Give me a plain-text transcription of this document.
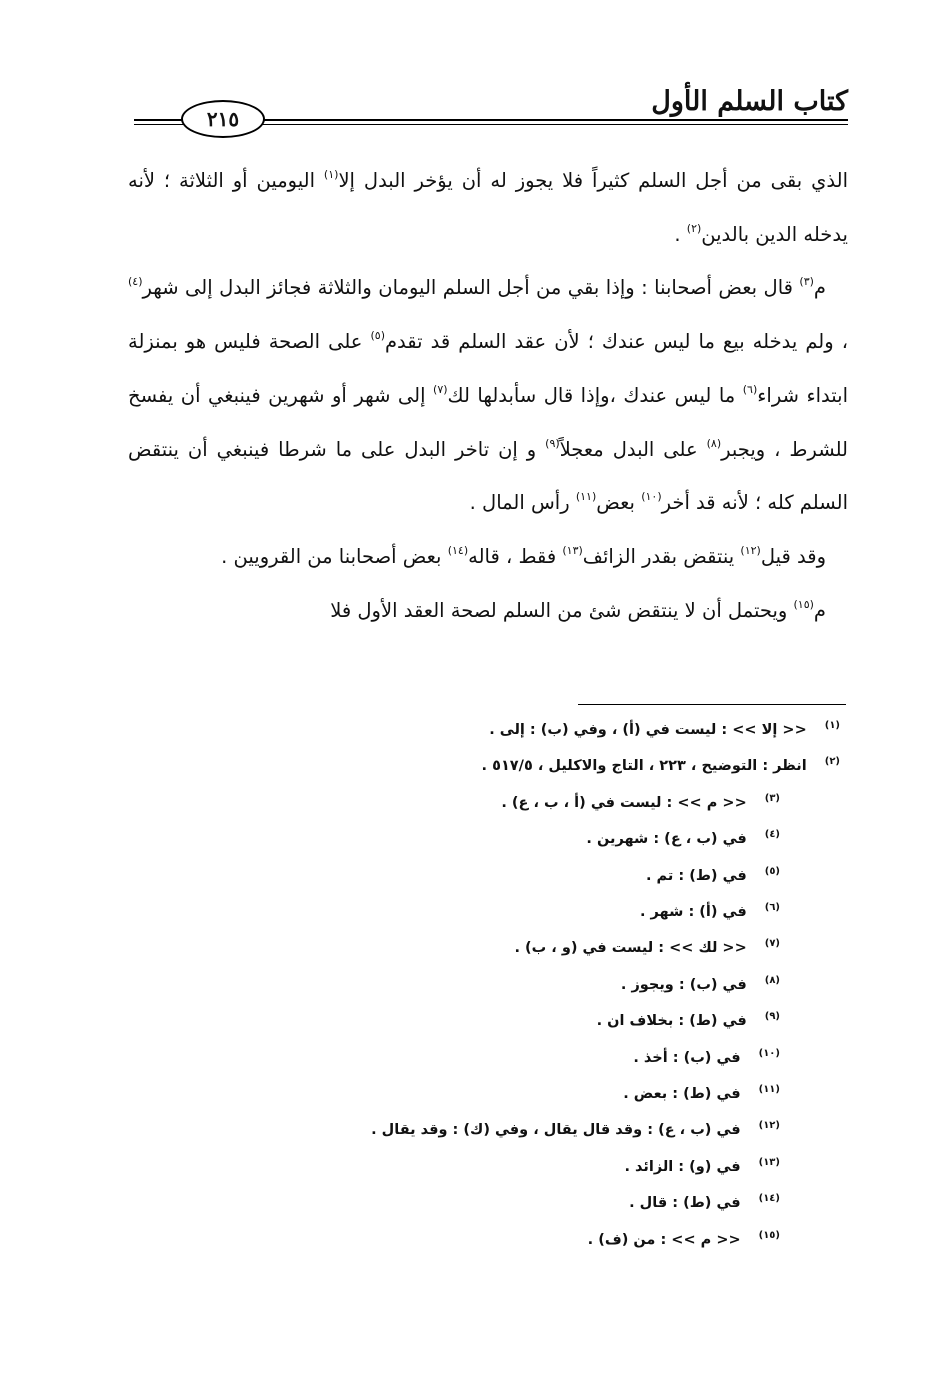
كتاب السلم الأول
٢١٥

الذي بقى من أجل السلم كثيراً فلا يجوز له أن يؤخر البدل إلا$^{(١)}$ اليومين أو الثلاثة ؛ لأنه يدخله الدين بالدين$^{(٢)}$ .

م$^{(٣)}$ قال بعض أصحابنا : وإذا بقي من أجل السلم اليومان والثلاثة فجائز البدل إلى شهر$^{(٤)}$ ، ولم يدخله بيع ما ليس عندك ؛ لأن عقد السلم قد تقدم$^{(٥)}$ على الصحة فليس هو بمنزلة ابتداء شراء$^{(٦)}$ ما ليس عندك ،وإذا قال سأبدلها لك$^{(٧)}$ إلى شهر أو شهرين فينبغي أن يفسخ للشرط ، ويجبر$^{(٨)}$ على البدل معجلاً$^{(٩)}$ و إن تاخر البدل على ما شرطا فينبغي أن ينتقض السلم كله ؛ لأنه قد أخر$^{(١٠)}$ بعض$^{(١١)}$ رأس المال .

وقد قيل$^{(١٢)}$ ينتقض بقدر الزائف$^{(١٣)}$ فقط ، قاله$^{(١٤)}$ بعض أصحابنا من القرويين .

م$^{(١٥)}$ ويحتمل أن لا ينتقض شئ من السلم لصحة العقد الأول فلا

(١)<< إلا >> : ليست في (أ) ، وفي (ب) : إلى .
(٢)انظر : التوضيح ، ٢٢٣ ، التاج والاكليل ، ٥١٧/٥ .
(٣)<< م >> : ليست في (أ ، ب ، ع) .
(٤)في (ب ، ع) : شهرين .
(٥)في (ط) : تم .
(٦)في (أ) : شهر .
(٧)<< لك >> : ليست في (و ، ب) .
(٨)في (ب) : ويجوز .
(٩)في (ط) : بخلاف ان .
(١٠)في (ب) : أخذ .
(١١)في (ط) : بعض .
(١٢)في (ب ، ع) : وقد قال يقال ، وفي (ك) : وقد يقال .
(١٣)في (و) : الزائد .
(١٤)في (ط) : قال .
(١٥)<< م >> : من (ف) .
